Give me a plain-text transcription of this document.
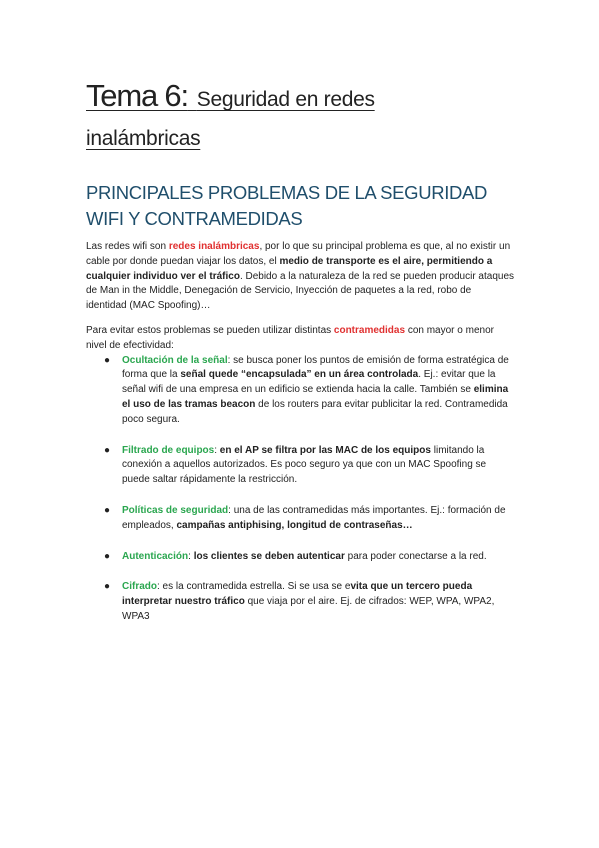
Tema 6: Seguridad en redes
inalámbricas
PRINCIPALES PROBLEMAS DE LA SEGURIDAD
WIFI Y CONTRAMEDIDAS

Las redes wifi son redes inalámbricas, por lo que su principal problema es que, al no existir un cable por donde puedan viajar los datos, el medio de transporte es el aire, permitiendo a cualquier individuo ver el tráfico. Debido a la naturaleza de la red se pueden producir ataques de Man in the Middle, Denegación de Servicio, Inyección de paquetes a la red, robo de identidad (MAC Spoofing)…

Para evitar estos problemas se pueden utilizar distintas contramedidas con mayor o menor nivel de efectividad:

● Ocultación de la señal: se busca poner los puntos de emisión de forma estratégica de forma que la señal quede “encapsulada” en un área controlada. Ej.: evitar que la señal wifi de una empresa en un edificio se extienda hacia la calle. También se elimina el uso de las tramas beacon de los routers para evitar publicitar la red. Contramedida poco segura.
● Filtrado de equipos: en el AP se filtra por las MAC de los equipos limitando la conexión a aquellos autorizados. Es poco seguro ya que con un MAC Spoofing se puede saltar rápidamente la restricción.
● Políticas de seguridad: una de las contramedidas más importantes. Ej.: formación de empleados, campañas antiphising, longitud de contraseñas…
● Autenticación: los clientes se deben autenticar para poder conectarse a la red.
● Cifrado: es la contramedida estrella. Si se usa se evita que un tercero pueda interpretar nuestro tráfico que viaja por el aire. Ej. de cifrados: WEP, WPA, WPA2, WPA3
